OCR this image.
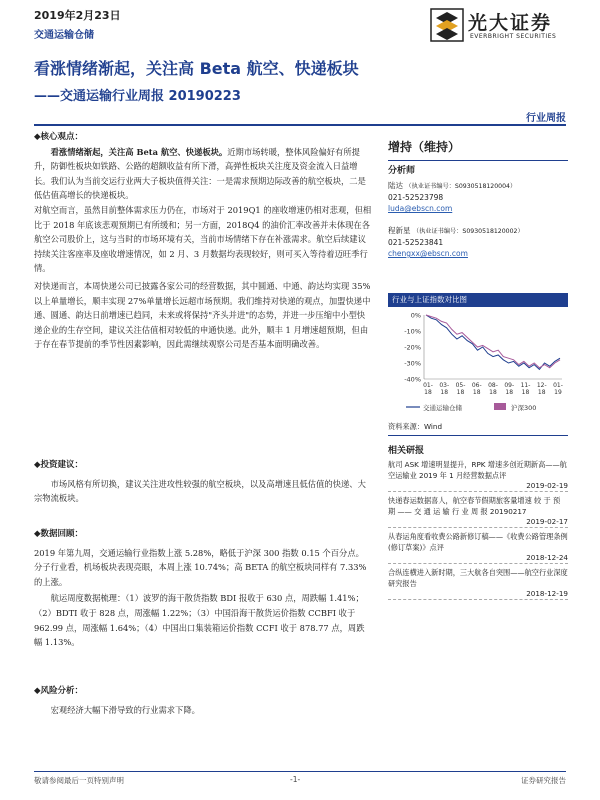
2019年2月23日
交通运输仓储
光大证券
EVERBRIGHT SECURITIES
看涨情绪渐起，关注高 Beta 航空、快递板块
——交通运输行业周报 20190223
行业周报
◆核心观点：
看涨情绪渐起，关注高 Beta 航空、快递板块。近期市场转暖，整体风险偏好有所提升，防御性板块如铁路、公路的超额收益有所下滑，高弹性板块关注度及资金流入日益增长。我们认为当前交运行业两大子板块值得关注：一是需求预期边际改善的航空板块，二是低估值高增长的快递板块。
对航空而言，虽然目前整体需求压力仍在，市场对于 2019Q1 的座收增速仍相对悲观，但相比于 2018 年底该悲观预期已有所缓和；另一方面，2018Q4 的油价汇率改善并未体现在各航空公司股价上，这与当时的市场环境有关，当前市场情绪下存在补涨需求。航空后续建议持续关注客座率及座收增速情况，如 2 月、3 月数据均表现较好，则可买入等待着迈旺季行情。
对快递而言，本周快递公司已披露各家公司的经营数据，其中圆通、中通、韵达均实现 35%以上单量增长，顺丰实现 27%单量增长远超市场预期。我们维持对快递的观点，加盟快递中通、圆通、韵达日前增速已趋同，未来或将保持"齐头并进"的态势，并进一步压缩中小型快递企业的生存空间，建议关注估值相对较低的申通快递。此外，顺丰 1 月增速超预期，但由于存在春节提前的季节性因素影响，因此需继续观察公司是否基本面明确改善。
◆投资建议：
市场风格有所切换，建议关注进攻性较强的航空板块，以及高增速且低估值的快递、大宗物流板块。
◆数据回顾：
2019 年第九周，交通运输行业指数上涨 5.28%，略低于沪深 300 指数 0.15 个百分点。分子行业看，机场板块表现亮眼，本周上涨 10.74%；高 BETA 的航空板块同样有 7.33%的上涨。
航运周度数据梳理：（1）波罗的海干散货指数 BDI 报收于 630 点，周跌幅 1.41%；（2）BDTI 收于 828 点，周涨幅 1.22%；（3）中国沿海干散货运价指数 CCBFI 收于 962.99 点，周涨幅 1.64%；（4）中国出口集装箱运价指数 CCFI 收于 878.77 点，周跌幅 1.13%。
◆风险分析：
宏观经济大幅下滑导致的行业需求下降。
增持（维持）
分析师
陆达 （执业证书编号：S0930518120004）
021-52523798
luda@ebscn.com
程新星 （执业证书编号：S0930518120002）
021-52523841
chengxx@ebscn.com
行业与上证指数对比图
0%
-10%
-20%
-30%
-40%
01-
18
03-
18
05-
18
06-
18
08-
18
09-
18
11-
18
12-
18
01-
19
交通运输仓储	沪深300
资料来源：Wind
相关研报
航司 ASK 增速明显提升，RPK 增速多创近期新高——航空运输业 2019 年 1 月经营数据点评
2019-02-19
快递春运数据喜人，航空春节假期旅客量增速 较 于 预 期 —— 交 通 运 输 行 业 周 报 20190217
2019-02-17
从春运角度看收费公路新修订稿——《收费公路管理条例(修订草案)》点评
2018-12-24
合纵连横进入新时期，三大航各自突围——航空行业深度研究报告
2018-12-19
敬请参阅最后一页特别声明	-1-	证券研究报告
